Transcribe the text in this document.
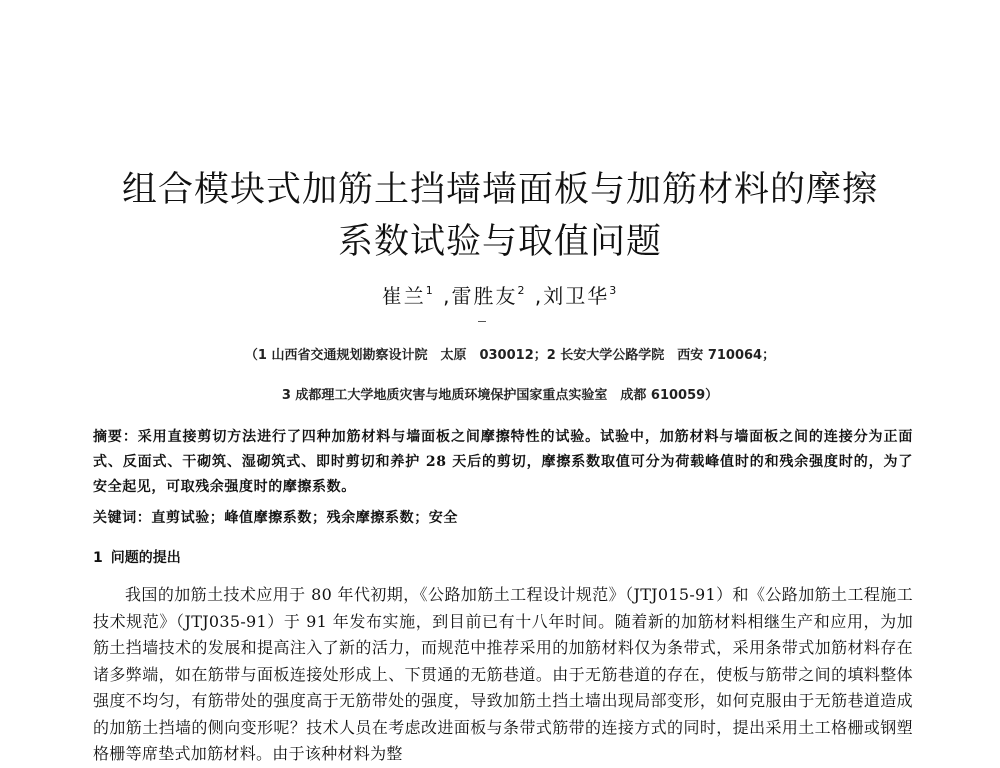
组合模块式加筋土挡墙墙面板与加筋材料的摩擦
系数试验与取值问题
崔兰$^1$ ,雷胜友$^2$ ,刘卫华$^3$
（1 山西省交通规划勘察设计院　太原　030012；2 长安大学公路学院　西安 710064；
3 成都理工大学地质灾害与地质环境保护国家重点实验室　成都 610059）
摘要：采用直接剪切方法进行了四种加筋材料与墙面板之间摩擦特性的试验。试验中，加筋材料与墙面板之间的连接分为正面式、反面式、干砌筑、湿砌筑式、即时剪切和养护 28 天后的剪切，摩擦系数取值可分为荷载峰值时的和残余强度时的，为了安全起见，可取残余强度时的摩擦系数。
关键词：直剪试验；峰值摩擦系数；残余摩擦系数；安全
1 问题的提出

我国的加筋土技术应用于 80 年代初期，《公路加筋土工程设计规范》（JTJ015-91）和《公路加筋土工程施工技术规范》（JTJ035-91）于 91 年发布实施，到目前已有十八年时间。随着新的加筋材料相继生产和应用，为加筋土挡墙技术的发展和提高注入了新的活力，而规范中推荐采用的加筋材料仅为条带式，采用条带式加筋材料存在诸多弊端，如在筋带与面板连接处形成上、下贯通的无筋巷道。由于无筋巷道的存在，使板与筋带之间的填料整体强度不均匀，有筋带处的强度高于无筋带处的强度，导致加筋土挡土墙出现局部变形，如何克服由于无筋巷道造成的加筋土挡墙的侧向变形呢？技术人员在考虑改进面板与条带式筋带的连接方式的同时，提出采用土工格栅或钢塑格栅等席垫式加筋材料。由于该种材料为整
